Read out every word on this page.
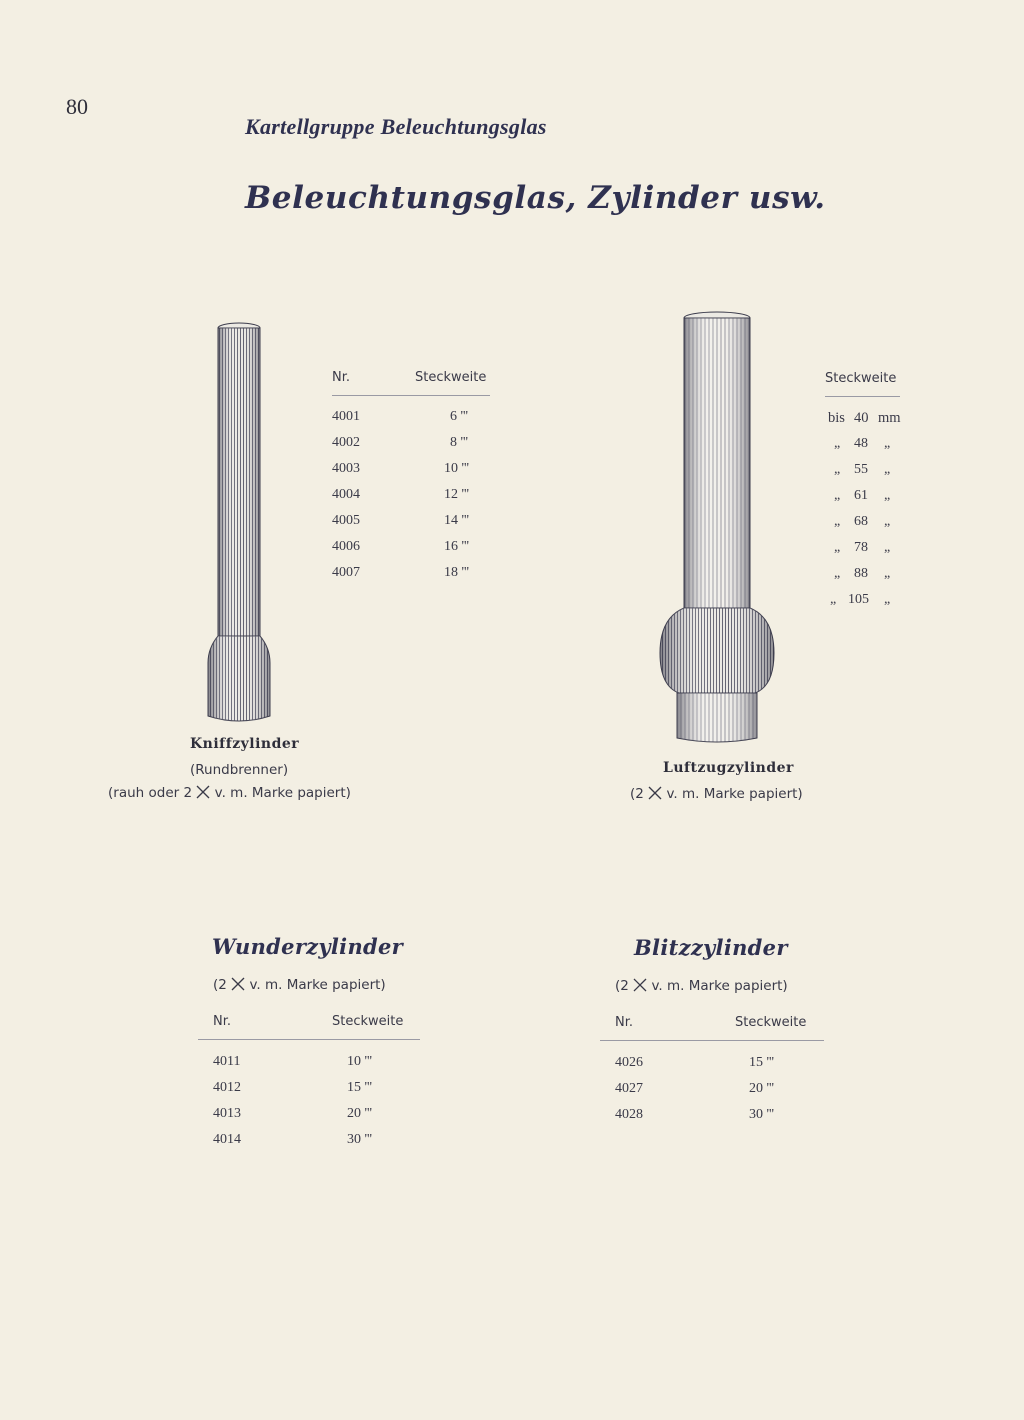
80
Kartellgruppe Beleuchtungsglas
Beleuchtungsglas, Zylinder usw.
Nr.	Steckweite
4001	6 '''
4002	8 '''
4003	10 '''
4004	12 '''
4005	14 '''
4006	16 '''
4007	18 '''
Kniffzylinder
(Rundbrenner)
(rauh oder 2 v. m. Marke papiert)
Steckweite
bis 40 mm
„ 48 „
„ 55 „
„ 61 „
„ 68 „
„ 78 „
„ 88 „
„ 105 „
Luftzugzylinder
(2 v. m. Marke papiert)
Wunderzylinder
(2 v. m. Marke papiert)
Nr.	Steckweite
4011	10 '''
4012	15 '''
4013	20 '''
4014	30 '''
Blitzzylinder
(2 v. m. Marke papiert)
Nr.	Steckweite
4026	15 '''
4027	20 '''
4028	30 '''
